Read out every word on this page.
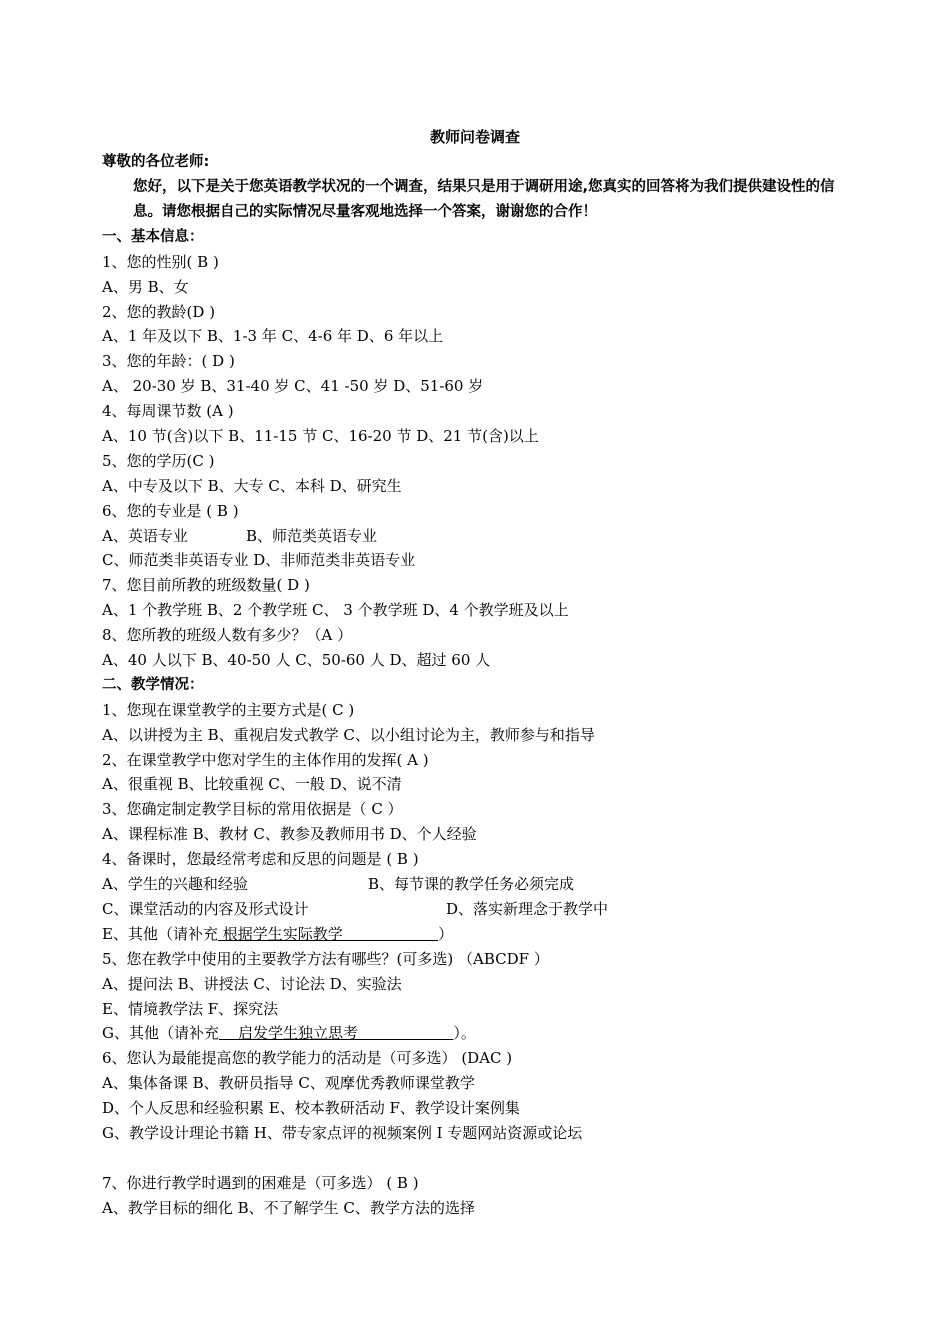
教师问卷调查
尊敬的各位老师:
您好，以下是关于您英语教学状况的一个调查，结果只是用于调研用途,您真实的回答将为我们提供建设性的信息。请您根据自己的实际情况尽量客观地选择一个答案，谢谢您的合作！
一、基本信息：
1、您的性别( B )
A、男 B、女
2、您的教龄(D )
A、1 年及以下 B、1-3 年 C、4-6 年 D、6 年以上
3、您的年龄：( D )
A、 20-30 岁 B、31-40 岁 C、41 -50 岁 D、51-60 岁
4、每周课节数 (A )
A、10 节(含)以下 B、11-15 节 C、16-20 节 D、21 节(含)以上
5、您的学历(C )
A、中专及以下 B、大专 C、本科 D、研究生
6、您的专业是 ( B )
A、英语专业	B、师范类英语专业
C、师范类非英语专业 D、非师范类非英语专业
7、您目前所教的班级数量( D )
A、1 个教学班 B、2 个教学班 C、 3 个教学班 D、4 个教学班及以上
8、您所教的班级人数有多少？（A ）
A、40 人以下 B、40-50 人 C、50-60 人 D、超过 60 人
二、教学情况：
1、您现在课堂教学的主要方式是( C )
A、以讲授为主 B、重视启发式教学 C、以小组讨论为主，教师参与和指导
2、在课堂教学中您对学生的主体作用的发挥( A )
A、很重视 B、比较重视 C、一般 D、说不清
3、您确定制定教学目标的常用依据是（ C ）
A、课程标准 B、教材 C、教参及教师用书 D、个人经验
4、备课时，您最经常考虑和反思的问题是 ( B )
A、学生的兴趣和经验	B、每节课的教学任务必须完成
C、课堂活动的内容及形式设计	D、落实新理念于教学中
E、其他（请补充 根据学生实际教学                    ）
5、您在教学中使用的主要教学方法有哪些？(可多选) （ABCDF ）
A、提问法 B、讲授法 C、讨论法 D、实验法
E、情境教学法 F、探究法
G、其他（请补充    启发学生独立思考                    ）。
6、您认为最能提高您的教学能力的活动是（可多选） (DAC )
A、集体备课 B、教研员指导 C、观摩优秀教师课堂教学
D、个人反思和经验积累 E、校本教研活动 F、教学设计案例集
G、教学设计理论书籍 H、带专家点评的视频案例 I 专题网站资源或论坛
7、你进行教学时遇到的困难是（可多选） ( B )
A、教学目标的细化 B、不了解学生 C、教学方法的选择
